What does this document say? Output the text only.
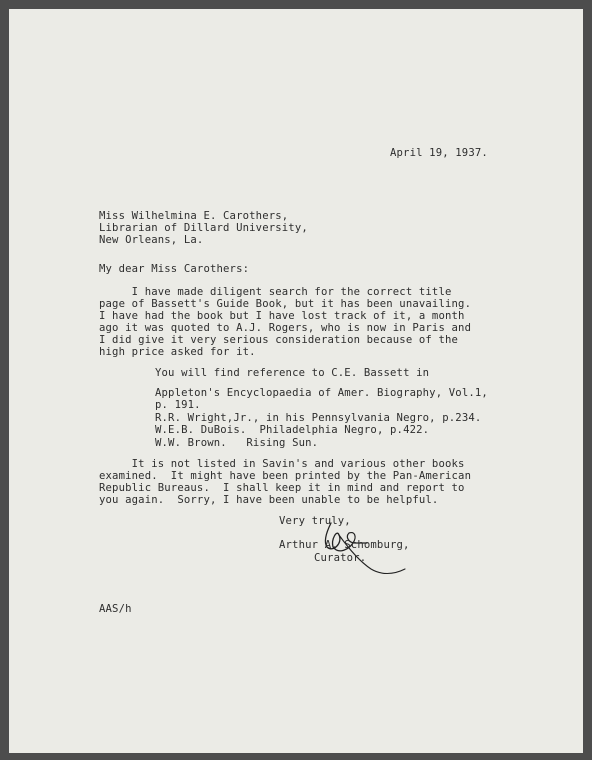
April 19, 1937.
Miss Wilhelmina E. Carothers,
Librarian of Dillard University,
New Orleans, La.
My dear Miss Carothers:
I have made diligent search for the correct title
page of Bassett's Guide Book, but it has been unavailing.
I have had the book but I have lost track of it, a month
ago it was quoted to A.J. Rogers, who is now in Paris and
I did give it very serious consideration because of the
high price asked for it.
You will find reference to C.E. Bassett in
Appleton's Encyclopaedia of Amer. Biography, Vol.1,
p. 191.
R.R. Wright,Jr., in his Pennsylvania Negro, p.234.
W.E.B. DuBois.  Philadelphia Negro, p.422.
W.W. Brown.   Rising Sun.
It is not listed in Savin's and various other books
examined.  It might have been printed by the Pan-American
Republic Bureaus.  I shall keep it in mind and report to
you again.  Sorry, I have been unable to be helpful.
Very truly,
Arthur A. Schomburg,
Curator.
AAS/h
